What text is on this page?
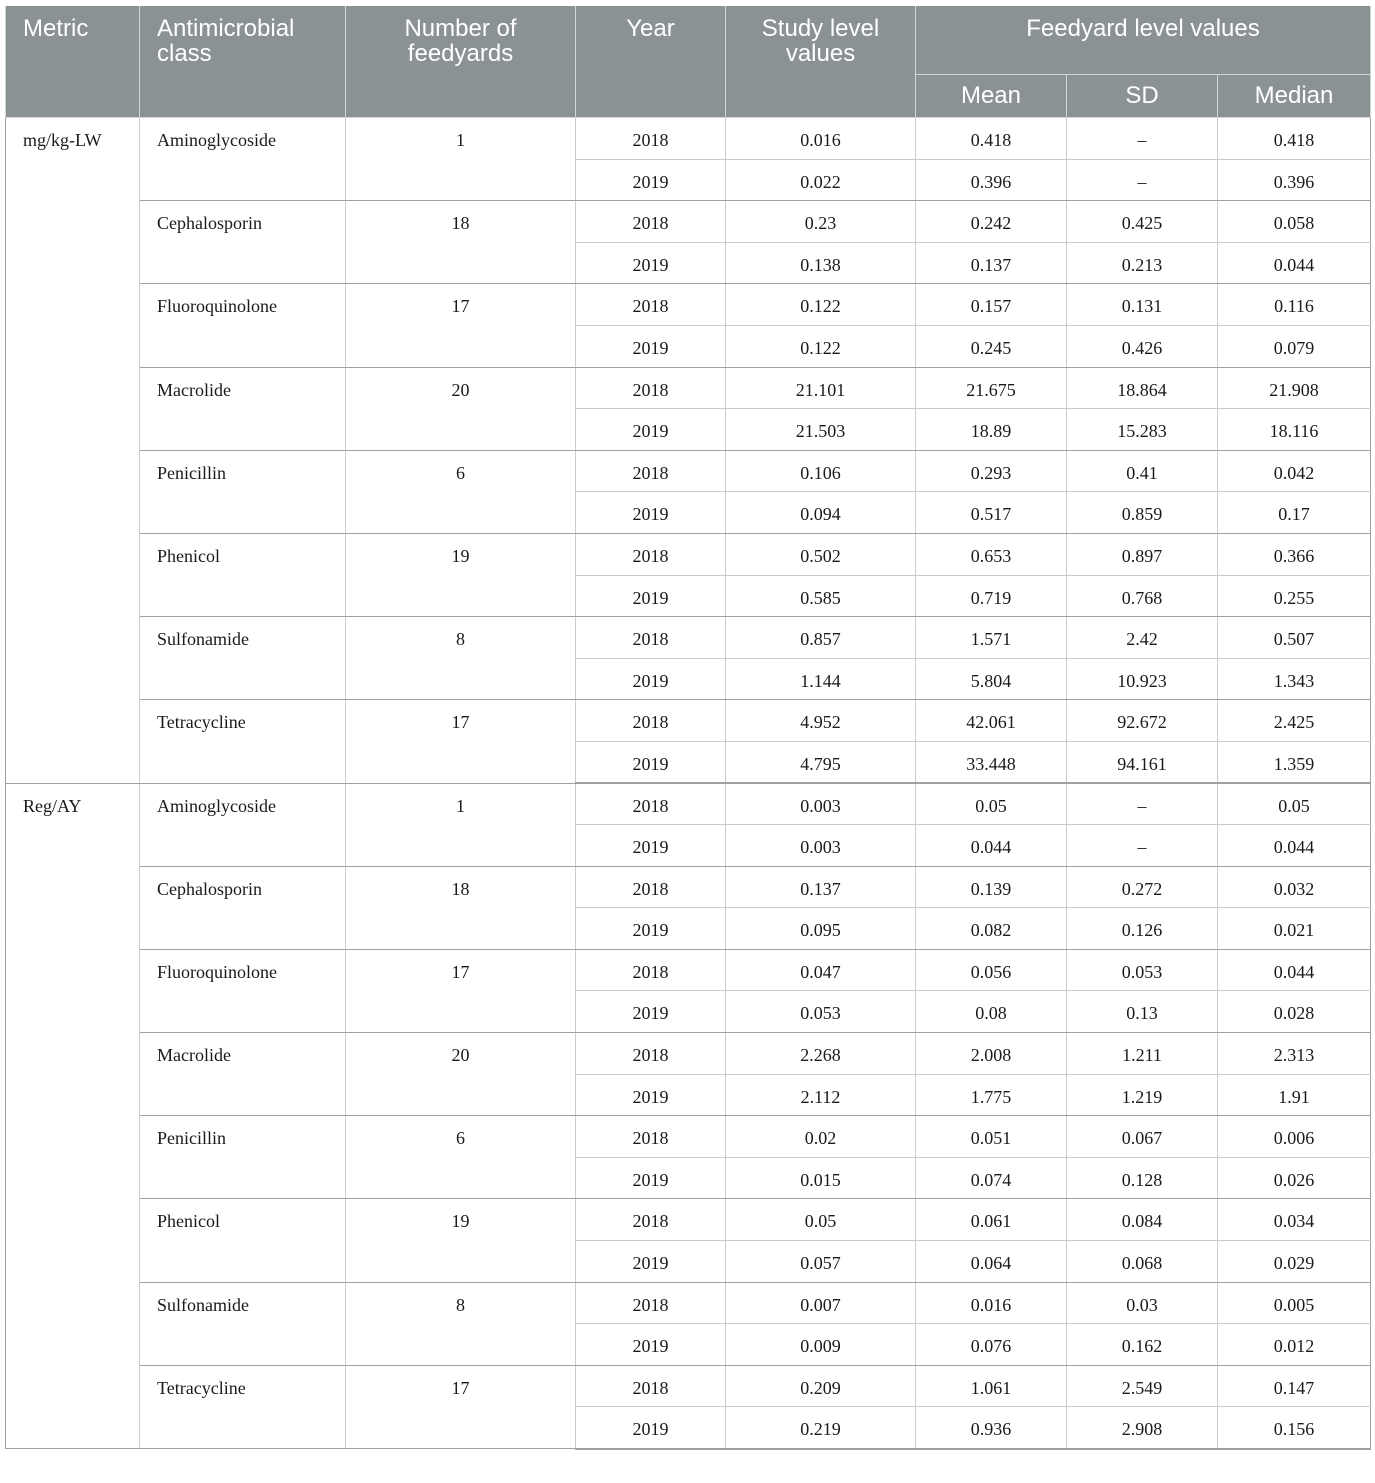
Metric	Antimicrobial class	Number of feedyards	Year	Study level values	Feedyard level values		
					Mean	SD	Median
mg/kg-LW	Aminoglycoside	1	2018	0.016	0.418	–	0.418
			2019	0.022	0.396	–	0.396
	Cephalosporin	18	2018	0.23	0.242	0.425	0.058
			2019	0.138	0.137	0.213	0.044
	Fluoroquinolone	17	2018	0.122	0.157	0.131	0.116
			2019	0.122	0.245	0.426	0.079
	Macrolide	20	2018	21.101	21.675	18.864	21.908
			2019	21.503	18.89	15.283	18.116
	Penicillin	6	2018	0.106	0.293	0.41	0.042
			2019	0.094	0.517	0.859	0.17
	Phenicol	19	2018	0.502	0.653	0.897	0.366
			2019	0.585	0.719	0.768	0.255
	Sulfonamide	8	2018	0.857	1.571	2.42	0.507
			2019	1.144	5.804	10.923	1.343
	Tetracycline	17	2018	4.952	42.061	92.672	2.425
			2019	4.795	33.448	94.161	1.359
Reg/AY	Aminoglycoside	1	2018	0.003	0.05	–	0.05
			2019	0.003	0.044	–	0.044
	Cephalosporin	18	2018	0.137	0.139	0.272	0.032
			2019	0.095	0.082	0.126	0.021
	Fluoroquinolone	17	2018	0.047	0.056	0.053	0.044
			2019	0.053	0.08	0.13	0.028
	Macrolide	20	2018	2.268	2.008	1.211	2.313
			2019	2.112	1.775	1.219	1.91
	Penicillin	6	2018	0.02	0.051	0.067	0.006
			2019	0.015	0.074	0.128	0.026
	Phenicol	19	2018	0.05	0.061	0.084	0.034
			2019	0.057	0.064	0.068	0.029
	Sulfonamide	8	2018	0.007	0.016	0.03	0.005
			2019	0.009	0.076	0.162	0.012
	Tetracycline	17	2018	0.209	1.061	2.549	0.147
			2019	0.219	0.936	2.908	0.156
